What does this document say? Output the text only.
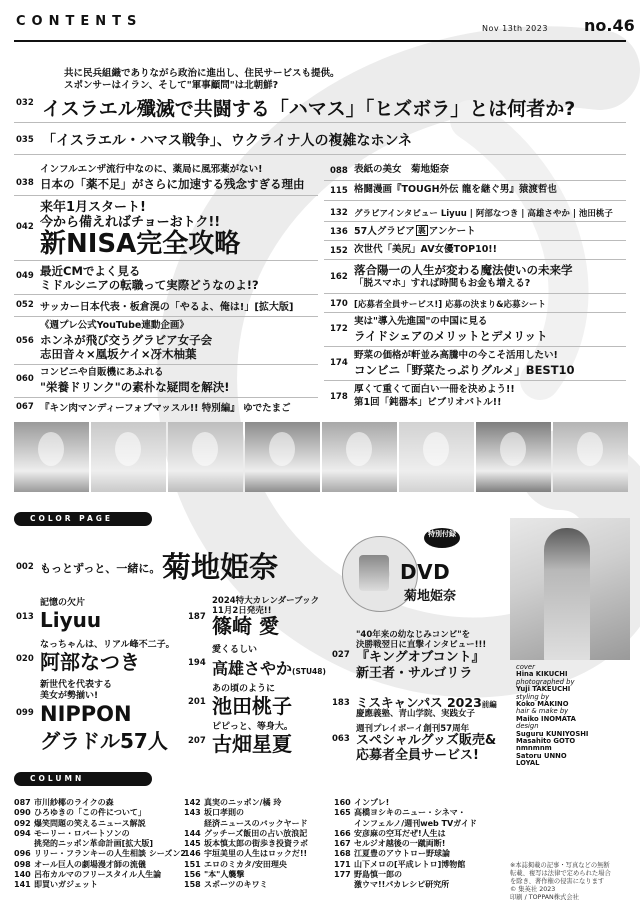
CONTENTS	Nov 13th 2023 no.46
032
共に民兵組織でありながら政治に進出し、住民サービスも提供。
スポンサーはイラン、そして"軍事顧問"は北朝鮮?
イスラエル殲滅で共闘する「ハマス」「ヒズボラ」とは何者か?
035 「イスラエル・ハマス戦争」、ウクライナ人の複雑なホンネ
038
インフルエンザ流行中なのに、薬局に風邪薬がない!
日本の「薬不足」がさらに加速する残念すぎる理由
042
来年1月スタート!
今から備えればチョーおトク!!
新NISA完全攻略
049 最近CMでよく見る
ミドルシニアの転職って実際どうなのよ!?
052 サッカー日本代表・板倉滉の「やるよ、俺は!」[拡大版]
056
《週プレ公式YouTube連動企画》
ホンネが飛び交うグラビア女子会
志田音々×凰坂ケイ×冴木柚葉
060
コンビニや自販機にあふれる
"栄養ドリンク"の素朴な疑問を解決!
067 『キン肉マンディーフォブマッスル!! 特別編』 ゆでたまご
088 表紙の美女　菊地姫奈
115 格闘漫画『TOUGH外伝 龍を継ぐ男』猿渡哲也
132 グラビアインタビュー Liyuu | 阿部なつき | 高雄さやか | 池田桃子
136 57人グラビア 裏 アンケート
152 次世代「美尻」AV女優TOP10!!
162 落合陽一の人生が変わる魔法使いの未来学
「脱スマホ」すれば時間もお金も増える?
170 [応募者全員サービス!] 応募の決まり&応募シート
172
実は"導入先進国"の中国に見る
ライドシェアのメリットとデメリット
174
野菜の価格が軒並み高騰中の今こそ活用したい!
コンビニ「野菜たっぷりグルメ」BEST10
178
厚くて重くて面白い一冊を決めよう!!
第1回「鈍器本」ビブリオバトル!!
COLOR PAGE
002 もっとずっと、一緒に。 菊地姫奈
特別付録
DVD
菊地姫奈
013
記憶の欠片
Liyuu
020
なっちゃんは、リアル峰不二子。
阿部なつき
099
新世代を代表する
美女が勢揃い!
NIPPON
グラドル57人
187
2024特大カレンダーブック
11月2日発売!!
篠崎 愛
194
愛くるしい
高雄さやか(STU48)
201
あの頃のように
池田桃子
207
ピピっと、等身大。
古畑星夏
027
"40年来の幼なじみコンビ"を
決勝戦翌日に直撃インタビュー!!!
『キングオブコント』
新王者・サルゴリラ
183 ミスキャンパス 2023前編
慶應義塾、青山学院、実践女子
063
週刊プレイボーイ創刊57周年
スペシャルグッズ販売&
応募者全員サービス!
cover
Hina KIKUCHI
photographed by
Yuji TAKEUCHI
styling by
Koko MAKINO
hair & make by
Maiko INOMATA
design
Suguru KUNIYOSHI
Masahito GOTO
nmnmnm
Satoru UNNO
LOYAL
COLUMN
087 市川紗椰のライクの森
090 ひろゆきの「この件について」
092 爆笑問題の笑えるニュース解説
094 モーリー・ロバートソンの
挑発的ニッポン革命計画[拡大版]
096 リリー・フランキーの人生相談 シーズン2
098 オール巨人の劇場漫才師の流儀
140 呂布カルマのフリースタイル人生論
141 即買いガジェット
142 真実のニッポン/橘 玲
143 坂口孝則の
経済ニュースのバックヤード
144 グッチーズ飯田の占い放浪記
145 坂本慎太郎の街歩き投資ラボ
146 宇垣美里の人生はロックだ!!
151 エロのミカタ/安田理央
156 "本"人襲撃
158 スポーツのキワミ
160 インプレ!
165 高橋ヨシキのニュー・シネマ・
インフェルノ/週刊web TVガイド
166 安彦麻の空耳だぜ!人生は
167 セルジオ越後の一蹴両断!
168 江夏豊のアウトロー野球論
171 山下メロの[平成レトロ]博物館
177 野島慎一郎の
激ウマ!!パカレシピ研究所
※本誌掲載の記事・写真などの無断
転載、複写は法律で定められた場合
を除き、著作権の侵害になります
© 集英社 2023
印刷 / TOPPAN株式会社
